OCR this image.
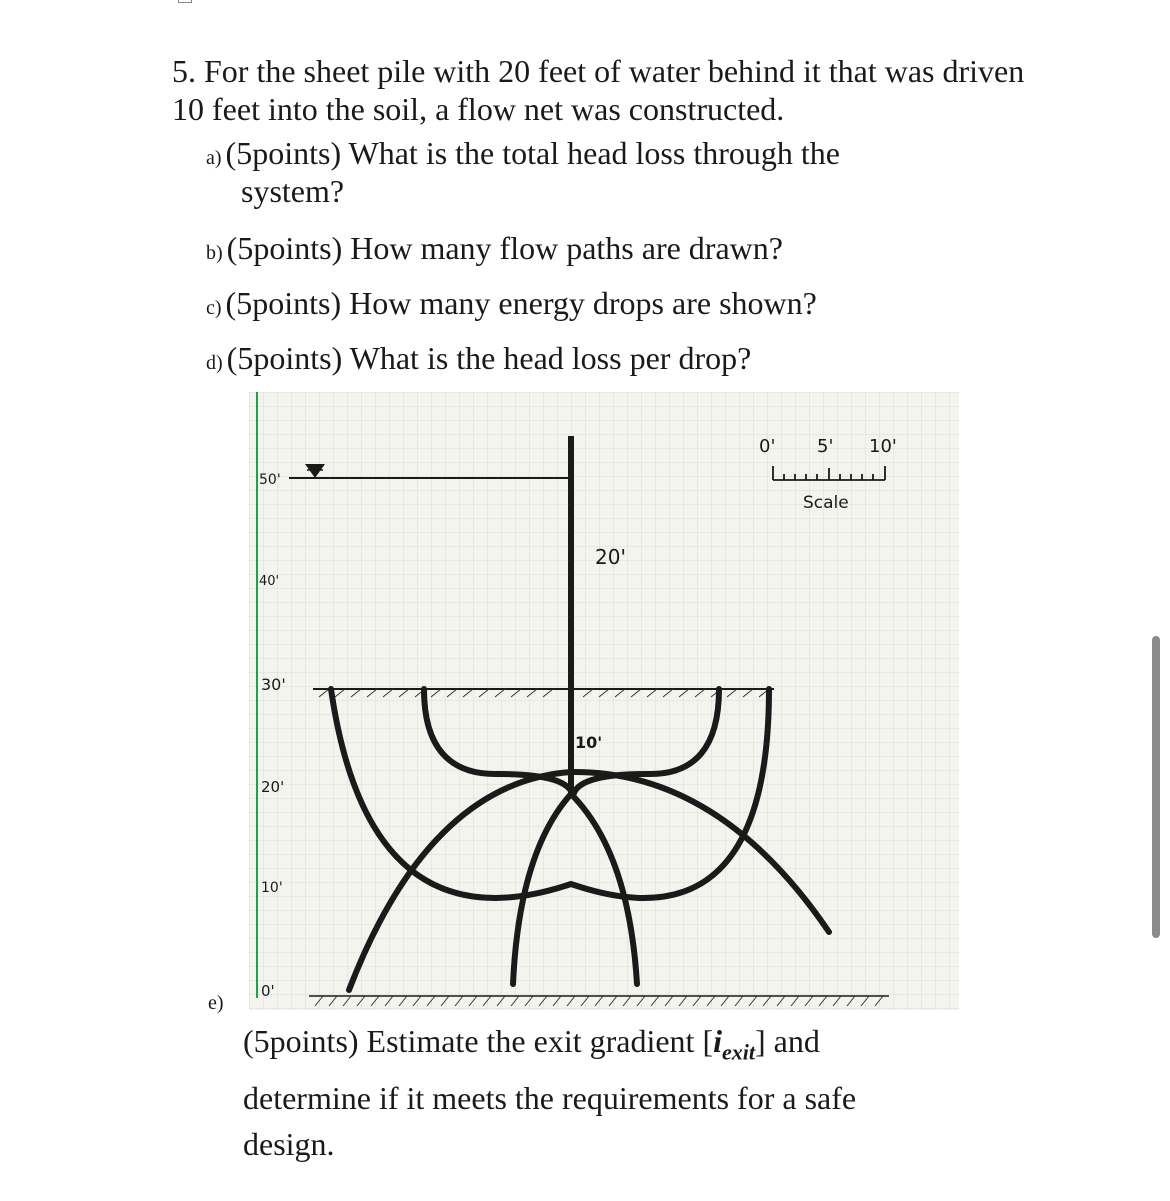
5. For the sheet pile with 20 feet of water behind it that was driven 10 feet into the soil, a flow net was constructed.
a) (5points) What is the total head loss through the
system?
b) (5points) How many flow paths are drawn?
c) (5points) How many energy drops are shown?
d) (5points) What is the head loss per drop?
50'
40'
30'
20'
10'
0'
20'
10'
0' 5' 10'
Scale
e)
(5points) Estimate the exit gradient $[i_{exit}]$ and determine if it meets the requirements for a safe design.
